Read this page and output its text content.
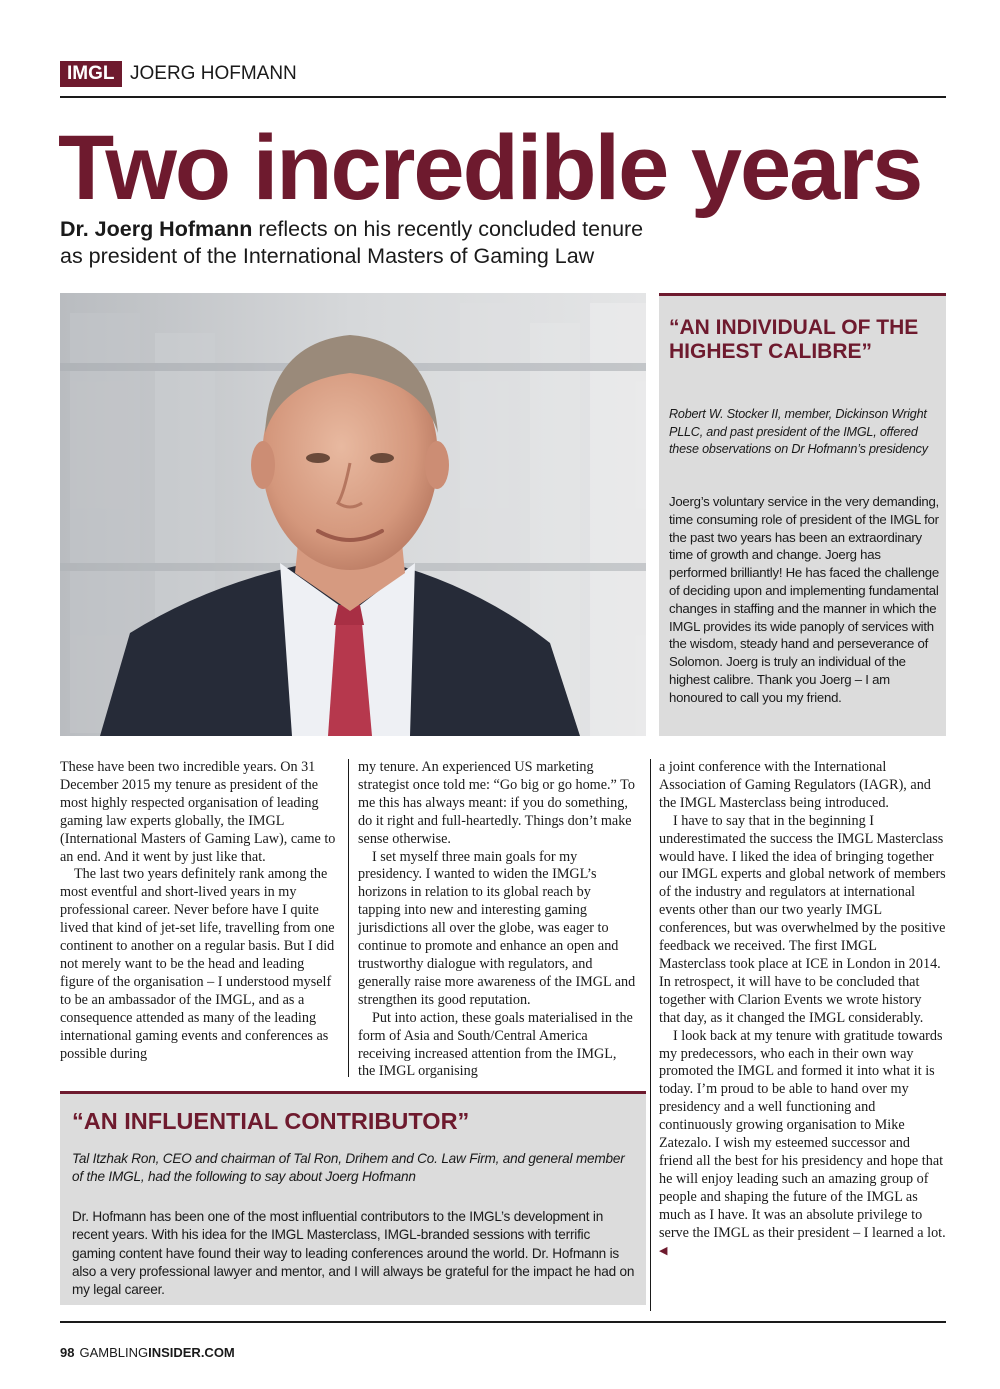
IMGL JOERG HOFMANN
Two incredible years
Dr. Joerg Hofmann reflects on his recently concluded tenure
as president of the International Masters of Gaming Law
“AN INDIVIDUAL OF THE HIGHEST CALIBRE”
Robert W. Stocker II, member, Dickinson Wright PLLC, and past president of the IMGL, offered these observations on Dr Hofmann’s presidency
Joerg’s voluntary service in the very demanding, time consuming role of president of the IMGL for the past two years has been an extraordinary time of growth and change. Joerg has performed brilliantly! He has faced the challenge of deciding upon and implementing fundamental changes in staffing and the manner in which the IMGL provides its wide panoply of services with the wisdom, steady hand and perseverance of Solomon. Joerg is truly an individual of the highest calibre. Thank you Joerg – I am honoured to call you my friend.

These have been two incredible years. On 31 December 2015 my tenure as president of the most highly respected organisation of leading gaming law experts globally, the IMGL (International Masters of Gaming Law), came to an end. And it went by just like that.

The last two years definitely rank among the most eventful and short-lived years in my professional career. Never before have I quite lived that kind of jet-set life, travelling from one continent to another on a regular basis. But I did not merely want to be the head and leading figure of the organisation – I understood myself to be an ambassador of the IMGL, and as a consequence attended as many of the leading international gaming events and conferences as possible during

my tenure. An experienced US marketing strategist once told me: “Go big or go home.” To me this has always meant: if you do something, do it right and full-heartedly. Things don’t make sense otherwise.

I set myself three main goals for my presidency. I wanted to widen the IMGL’s horizons in relation to its global reach by tapping into new and interesting gaming jurisdictions all over the globe, was eager to continue to promote and enhance an open and trustworthy dialogue with regulators, and generally raise more awareness of the IMGL and strengthen its good reputation.

Put into action, these goals materialised in the form of Asia and South/Central America receiving increased attention from the IMGL, the IMGL organising

a joint conference with the International Association of Gaming Regulators (IAGR), and the IMGL Masterclass being introduced.

I have to say that in the beginning I underestimated the success the IMGL Masterclass would have. I liked the idea of bringing together our IMGL experts and global network of members of the industry and regulators at international events other than our two yearly IMGL conferences, but was overwhelmed by the positive feedback we received. The first IMGL Masterclass took place at ICE in London in 2014. In retrospect, it will have to be concluded that together with Clarion Events we wrote history that day, as it changed the IMGL considerably.

I look back at my tenure with gratitude towards my predecessors, who each in their own way promoted the IMGL and formed it into what it is today. I’m proud to be able to hand over my presidency and a well functioning and continuously growing organisation to Mike Zatezalo. I wish my esteemed successor and friend all the best for his presidency and hope that he will enjoy leading such an amazing group of people and shaping the future of the IMGL as much as I have. It was an absolute privilege to serve the IMGL as their president – I learned a lot. ◀

“AN INFLUENTIAL CONTRIBUTOR”
Tal Itzhak Ron, CEO and chairman of Tal Ron, Drihem and Co. Law Firm, and general member of the IMGL, had the following to say about Joerg Hofmann
Dr. Hofmann has been one of the most influential contributors to the IMGL’s development in recent years. With his idea for the IMGL Masterclass, IMGL-branded sessions with terrific gaming content have found their way to leading conferences around the world. Dr. Hofmann is also a very professional lawyer and mentor, and I will always be grateful for the impact he had on my legal career.
98 GAMBLINGINSIDER.COM
